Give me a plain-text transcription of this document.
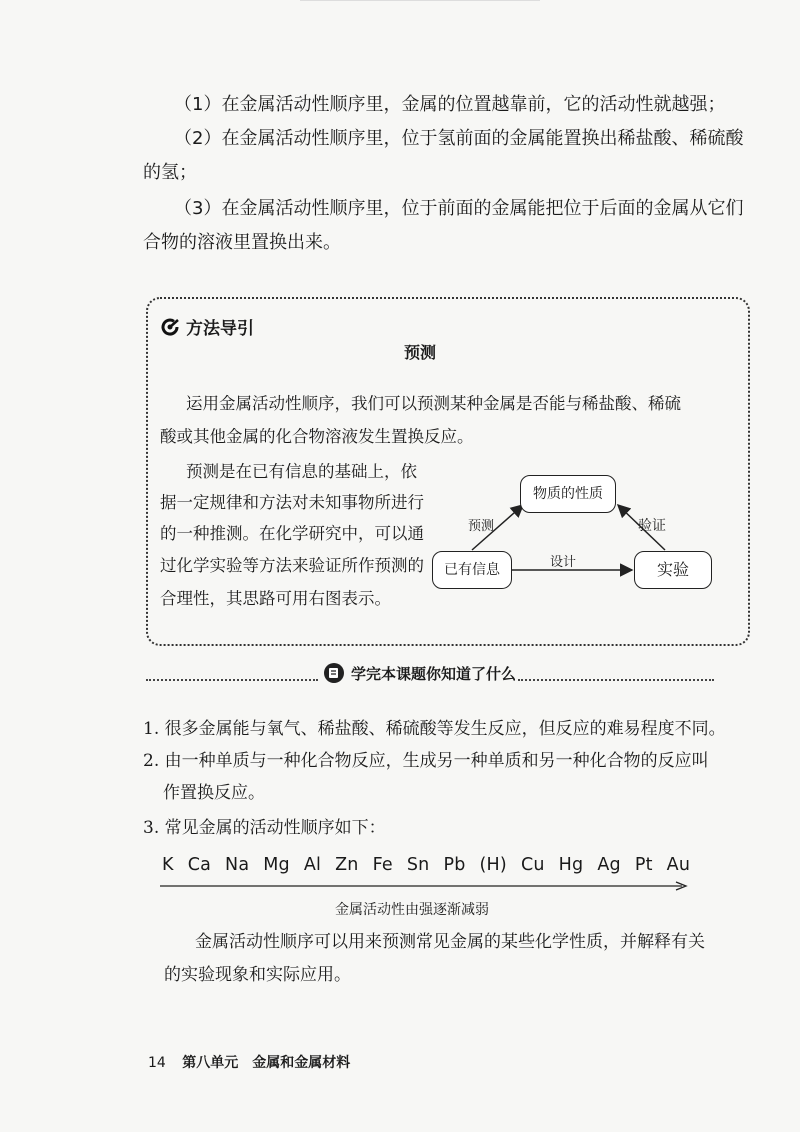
（1）在金属活动性顺序里，金属的位置越靠前，它的活动性就越强；
（2）在金属活动性顺序里，位于氢前面的金属能置换出稀盐酸、稀硫酸
的氢；
（3）在金属活动性顺序里，位于前面的金属能把位于后面的金属从它们
合物的溶液里置换出来。
方法导引
预测
运用金属活动性顺序，我们可以预测某种金属是否能与稀盐酸、稀硫
酸或其他金属的化合物溶液发生置换反应。
预测是在已有信息的基础上，依
据一定规律和方法对未知事物所进行
的一种推测。在化学研究中，可以通
过化学实验等方法来验证所作预测的
合理性，其思路可用右图表示。
物质的性质
已有信息	实验
预测	验证
设计
学完本课题你知道了什么
1. 很多金属能与氧气、稀盐酸、稀硫酸等发生反应，但反应的难易程度不同。
2. 由一种单质与一种化合物反应，生成另一种单质和另一种化合物的反应叫
作置换反应。
3. 常见金属的活动性顺序如下：
K Ca Na Mg Al Zn Fe Sn Pb (H) Cu Hg Ag Pt Au
金属活动性由强逐渐减弱
金属活动性顺序可以用来预测常见金属的某些化学性质，并解释有关
的实验现象和实际应用。
14 第八单元　金属和金属材料
